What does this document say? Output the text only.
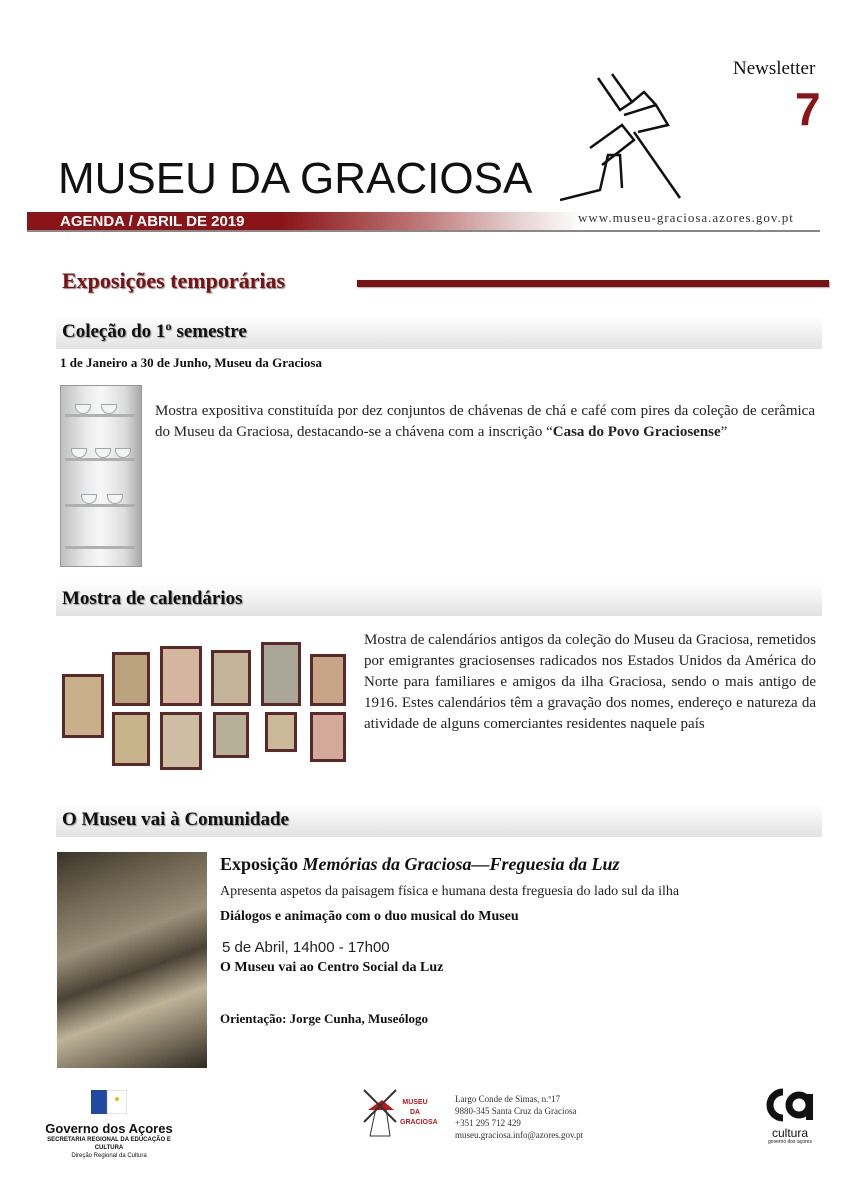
Newsletter
7
MUSEU DA GRACIOSA
AGENDA / ABRIL DE 2019	www.museu-graciosa.azores.gov.pt
Exposições temporárias
Coleção do 1º semestre
1 de Janeiro a 30 de Junho, Museu da Graciosa
Mostra expositiva constituída por dez conjuntos de chávenas de chá e café com pires da coleção de cerâmica do Museu da Graciosa, destacando-se a chávena com a inscrição “Casa do Povo Graciosense”
Mostra de calendários
Mostra de calendários antigos da coleção do Museu da Graciosa, remetidos por emigrantes graciosenses radicados nos Estados Unidos da América do Norte para familiares e amigos da ilha Graciosa, sendo o mais antigo de 1916. Estes calendários têm a gravação dos nomes, endereço e natureza da atividade de alguns comerciantes residentes naquele país
O Museu vai à Comunidade
Exposição Memórias da Graciosa—Freguesia da Luz
Apresenta aspetos da paisagem física e humana desta freguesia do lado sul da ilha
Diálogos e animação com o duo musical do Museu
5 de Abril, 14h00 - 17h00
O Museu vai ao Centro Social da Luz
Orientação: Jorge Cunha, Museólogo
Governo dos Açores
SECRETARIA REGIONAL DA EDUCAÇÃO E CULTURA
Direção Regional da Cultura
MUSEU
DA
GRACIOSA
Largo Conde de Simas, n.º17
9880-345 Santa Cruz da Graciosa
+351 295 712 429
museu.graciosa.info@azores.gov.pt	cultura
governo dos açores
